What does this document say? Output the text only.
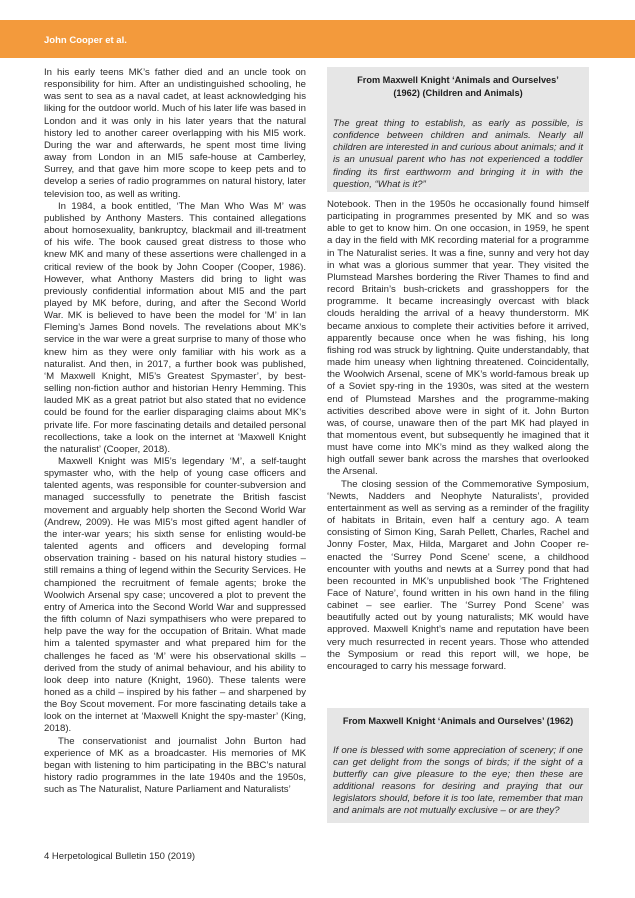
John Cooper et al.

In his early teens MK’s father died and an uncle took on responsibility for him. After an undistinguished schooling, he was sent to sea as a naval cadet, at least acknowledging his liking for the outdoor world. Much of his later life was based in London and it was only in his later years that the natural history led to another career overlapping with his MI5 work. During the war and afterwards, he spent most time living away from London in an MI5 safe-house at Camberley, Surrey, and that gave him more scope to keep pets and to develop a series of radio programmes on natural history, later television too, as well as writing.

In 1984, a book entitled, ‘The Man Who Was M’ was published by Anthony Masters. This contained allegations about homosexuality, bankruptcy, blackmail and ill-treatment of his wife. The book caused great distress to those who knew MK and many of these assertions were challenged in a critical review of the book by John Cooper (Cooper, 1986). However, what Anthony Masters did bring to light was previously confidential information about MI5 and the part played by MK before, during, and after the Second World War. MK is believed to have been the model for ‘M’ in Ian Fleming’s James Bond novels. The revelations about MK’s service in the war were a great surprise to many of those who knew him as they were only familiar with his work as a naturalist. And then, in 2017, a further book was published, ‘M Maxwell Knight, MI5’s Greatest Spymaster’, by best-selling non-fiction author and historian Henry Hemming. This lauded MK as a great patriot but also stated that no evidence could be found for the earlier disparaging claims about MK’s private life. For more fascinating details and detailed personal recollections, take a look on the internet at ‘Maxwell Knight the naturalist’ (Cooper, 2018).

Maxwell Knight was MI5’s legendary ‘M’, a self-taught spymaster who, with the help of young case officers and talented agents, was responsible for counter-subversion and managed successfully to penetrate the British fascist movement and arguably help shorten the Second World War (Andrew, 2009). He was MI5’s most gifted agent handler of the inter-war years; his sixth sense for enlisting would-be talented agents and officers and developing formal observation training - based on his natural history studies – still remains a thing of legend within the Security Services. He championed the recruitment of female agents; broke the Woolwich Arsenal spy case; uncovered a plot to prevent the entry of America into the Second World War and suppressed the fifth column of Nazi sympathisers who were prepared to help pave the way for the occupation of Britain. What made him a talented spymaster and what prepared him for the challenges he faced as ‘M’ were his observational skills – derived from the study of animal behaviour, and his ability to look deep into nature (Knight, 1960). These talents were honed as a child – inspired by his father – and sharpened by the Boy Scout movement. For more fascinating details take a look on the internet at ‘Maxwell Knight the spy-master’ (King, 2018).

The conservationist and journalist John Burton had experience of MK as a broadcaster. His memories of MK began with listening to him participating in the BBC’s natural history radio programmes in the late 1940s and the 1950s, such as The Naturalist, Nature Parliament and Naturalists’

From Maxwell Knight ‘Animals and Ourselves’ (1962) (Children and Animals)
The great thing to establish, as early as possible, is confidence between children and animals. Nearly all children are interested in and curious about animals; and it is an unusual parent who has not experienced a toddler finding its first earthworm and bringing it in with the question, “What is it?”

Notebook. Then in the 1950s he occasionally found himself participating in programmes presented by MK and so was able to get to know him. On one occasion, in 1959, he spent a day in the field with MK recording material for a programme in The Naturalist series. It was a fine, sunny and very hot day in what was a glorious summer that year. They visited the Plumstead Marshes bordering the River Thames to find and record Britain’s bush-crickets and grasshoppers for the programme. It became increasingly overcast with black clouds heralding the arrival of a heavy thunderstorm. MK became anxious to complete their activities before it arrived, apparently because once when he was fishing, his long fishing rod was struck by lightning. Quite understandably, that made him uneasy when lightning threatened. Coincidentally, the Woolwich Arsenal, scene of MK’s world-famous break up of a Soviet spy-ring in the 1930s, was sited at the western end of Plumstead Marshes and the programme-making activities described above were in sight of it. John Burton was, of course, unaware then of the part MK had played in that momentous event, but subsequently he imagined that it must have come into MK’s mind as they walked along the high outfall sewer bank across the marshes that overlooked the Arsenal.

The closing session of the Commemorative Symposium, ‘Newts, Nadders and Neophyte Naturalists’, provided entertainment as well as serving as a reminder of the fragility of habitats in Britain, even half a century ago. A team consisting of Simon King, Sarah Pellett, Charles, Rachel and Jonny Foster, Max, Hilda, Margaret and John Cooper re-enacted the ‘Surrey Pond Scene’ scene, a childhood encounter with youths and newts at a Surrey pond that had been recounted in MK’s unpublished book ‘The Frightened Face of Nature’, found written in his own hand in the filing cabinet – see earlier. The ‘Surrey Pond Scene’ was beautifully acted out by young naturalists; MK would have approved. Maxwell Knight’s name and reputation have been very much resurrected in recent years. Those who attended the Symposium or read this report will, we hope, be encouraged to carry his message forward.

From Maxwell Knight ‘Animals and Ourselves’ (1962)
If one is blessed with some appreciation of scenery; if one can get delight from the songs of birds; if the sight of a butterfly can give pleasure to the eye; then these are additional reasons for desiring and praying that our legislators should, before it is too late, remember that man and animals are not mutually exclusive – or are they?
4 Herpetological Bulletin 150 (2019)
